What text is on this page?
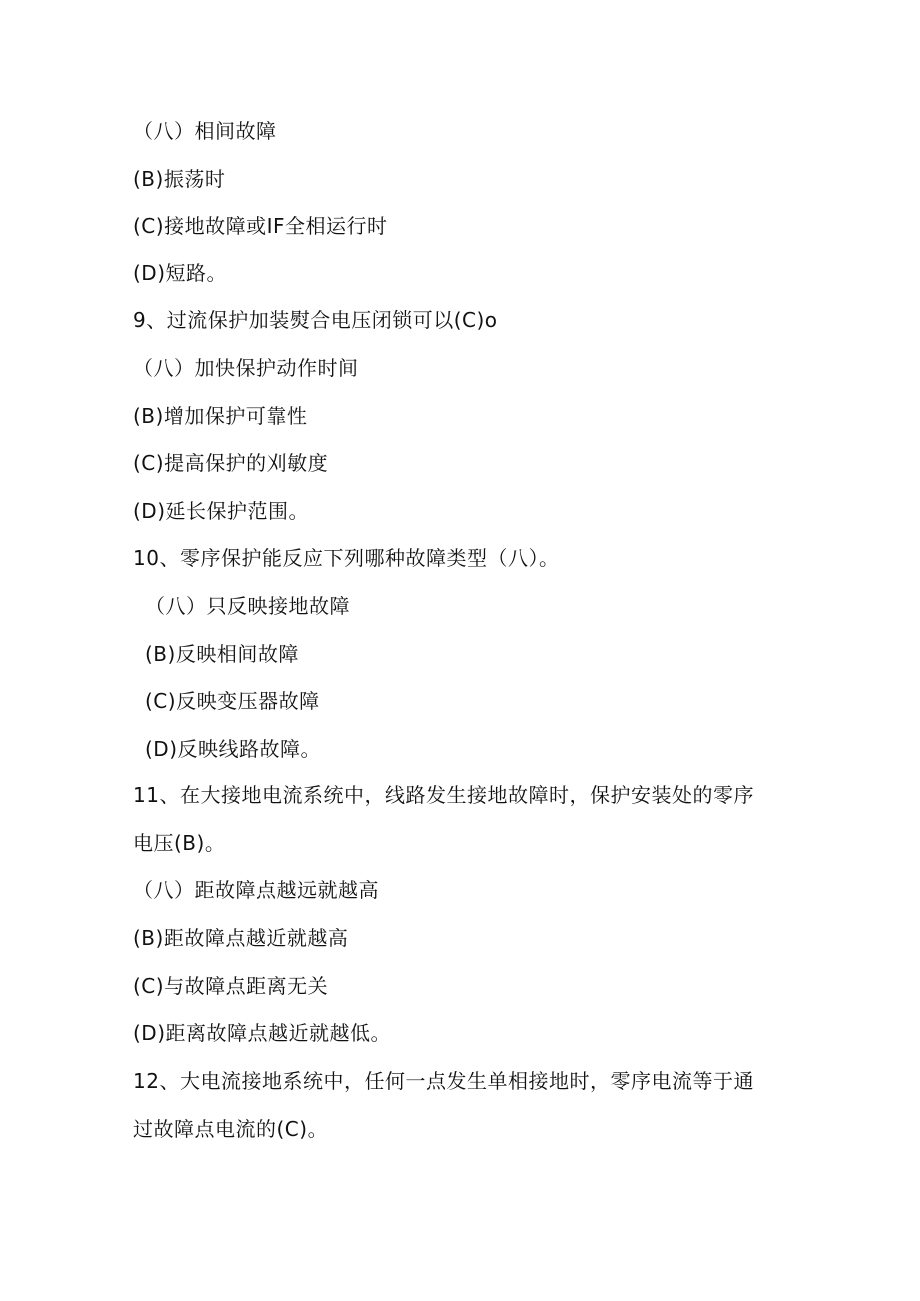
（八）相间故障
(B)振荡时
(C)接地故障或IF全相运行时
(D)短路。
9、过流保护加装熨合电压闭锁可以(C)o
（八）加快保护动作时间
(B)增加保护可靠性
(C)提高保护的刈敏度
(D)延长保护范围。
10、零序保护能反应下列哪种故障类型（八）。
（八）只反映接地故障
(B)反映相间故障
(C)反映变压器故障
(D)反映线路故障。
11、在大接地电流系统中，线路发生接地故障时，保护安装处的零序
电压(B)。
（八）距故障点越远就越高
(B)距故障点越近就越高
(C)与故障点距离无关
(D)距离故障点越近就越低。
12、大电流接地系统中，任何一点发生单相接地时，零序电流等于通
过故障点电流的(C)。
